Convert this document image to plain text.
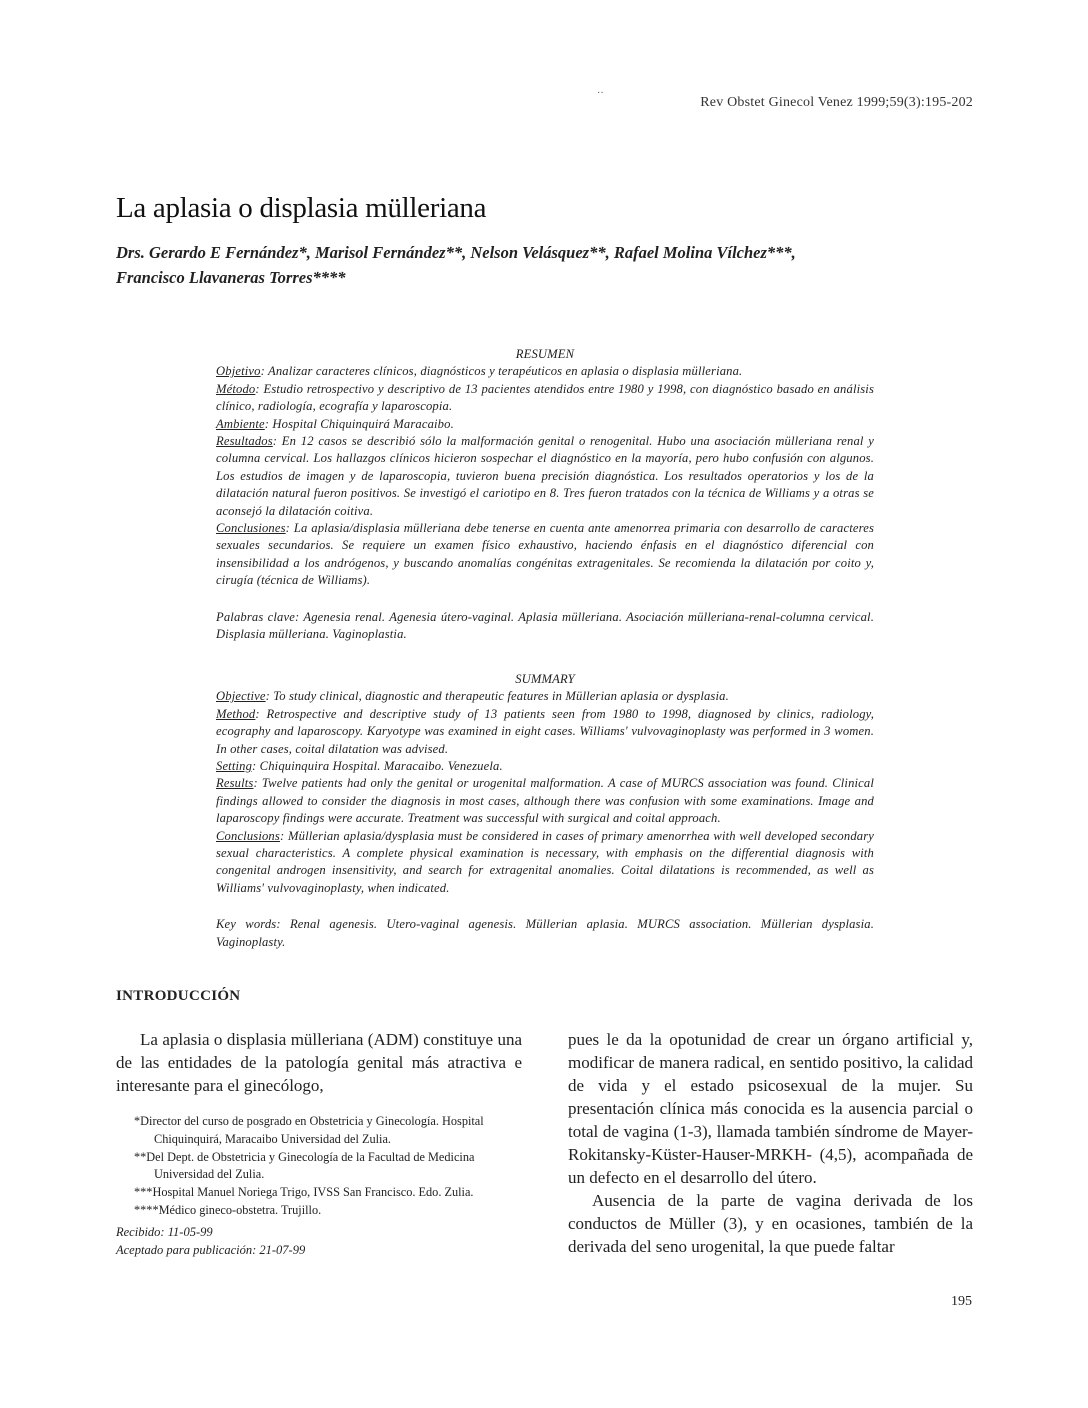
··
Rev Obstet Ginecol Venez 1999;59(3):195-202
La aplasia o displasia mülleriana
Drs. Gerardo E Fernández*, Marisol Fernández**, Nelson Velásquez**, Rafael Molina Vílchez***,
Francisco Llavaneras Torres****

RESUMEN

Objetivo: Analizar caracteres clínicos, diagnósticos y terapéuticos en aplasia o displasia mülleriana.

Método: Estudio retrospectivo y descriptivo de 13 pacientes atendidos entre 1980 y 1998, con diagnóstico basado en análisis clínico, radiología, ecografía y laparoscopia.

Ambiente: Hospital Chiquinquirá Maracaibo.

Resultados: En 12 casos se describió sólo la malformación genital o renogenital. Hubo una asociación mülleriana renal y columna cervical. Los hallazgos clínicos hicieron sospechar el diagnóstico en la mayoría, pero hubo confusión con algunos. Los estudios de imagen y de laparoscopia, tuvieron buena precisión diagnóstica. Los resultados operatorios y los de la dilatación natural fueron positivos. Se investigó el cariotipo en 8. Tres fueron tratados con la técnica de Williams y a otras se aconsejó la dilatación coitiva.

Conclusiones: La aplasia/displasia mülleriana debe tenerse en cuenta ante amenorrea primaria con desarrollo de caracteres sexuales secundarios. Se requiere un examen físico exhaustivo, haciendo énfasis en el diagnóstico diferencial con insensibilidad a los andrógenos, y buscando anomalías congénitas extragenitales. Se recomienda la dilatación por coito y, cirugía (técnica de Williams).

Palabras clave: Agenesia renal. Agenesia útero-vaginal. Aplasia mülleriana. Asociación mülleriana-renal-columna cervical. Displasia mülleriana. Vaginoplastia.

SUMMARY

Objective: To study clinical, diagnostic and therapeutic features in Müllerian aplasia or dysplasia.

Method: Retrospective and descriptive study of 13 patients seen from 1980 to 1998, diagnosed by clinics, radiology, ecography and laparoscopy. Karyotype was examined in eight cases. Williams' vulvovaginoplasty was performed in 3 women. In other cases, coital dilatation was advised.

Setting: Chiquinquira Hospital. Maracaibo. Venezuela.

Results: Twelve patients had only the genital or urogenital malformation. A case of MURCS association was found. Clinical findings allowed to consider the diagnosis in most cases, although there was confusion with some examinations. Image and laparoscopy findings were accurate. Treatment was successful with surgical and coital approach.

Conclusions: Müllerian aplasia/dysplasia must be considered in cases of primary amenorrhea with well developed secondary sexual characteristics. A complete physical examination is necessary, with emphasis on the differential diagnosis with congenital androgen insensitivity, and search for extragenital anomalies. Coital dilatations is recommended, as well as Williams' vulvovaginoplasty, when indicated.

Key words: Renal agenesis. Utero-vaginal agenesis. Müllerian aplasia. MURCS association. Müllerian dysplasia. Vaginoplasty.

INTRODUCCIÓN

La aplasia o displasia mülleriana (ADM) constituye una de las entidades de la patología genital más atractiva e interesante para el ginecólogo,

*Director del curso de posgrado en Obstetricia y Ginecología. Hospital Chiquinquirá, Maracaibo Universidad del Zulia.

**Del Dept. de Obstetricia y Ginecología de la Facultad de Medicina Universidad del Zulia.

***Hospital Manuel Noriega Trigo, IVSS San Francisco. Edo. Zulia.

****Médico gineco-obstetra. Trujillo.

Recibido: 11-05-99
Aceptado para publicación: 21-07-99

pues le da la opotunidad de crear un órgano artificial y, modificar de manera radical, en sentido positivo, la calidad de vida y el estado psicosexual de la mujer. Su presentación clínica más conocida es la ausencia parcial o total de vagina (1-3), llamada también síndrome de Mayer-Rokitansky-Küster-Hauser-MRKH- (4,5), acompañada de un defecto en el desarrollo del útero.

Ausencia de la parte de vagina derivada de los conductos de Müller (3), y en ocasiones, también de la derivada del seno urogenital, la que puede faltar

195
